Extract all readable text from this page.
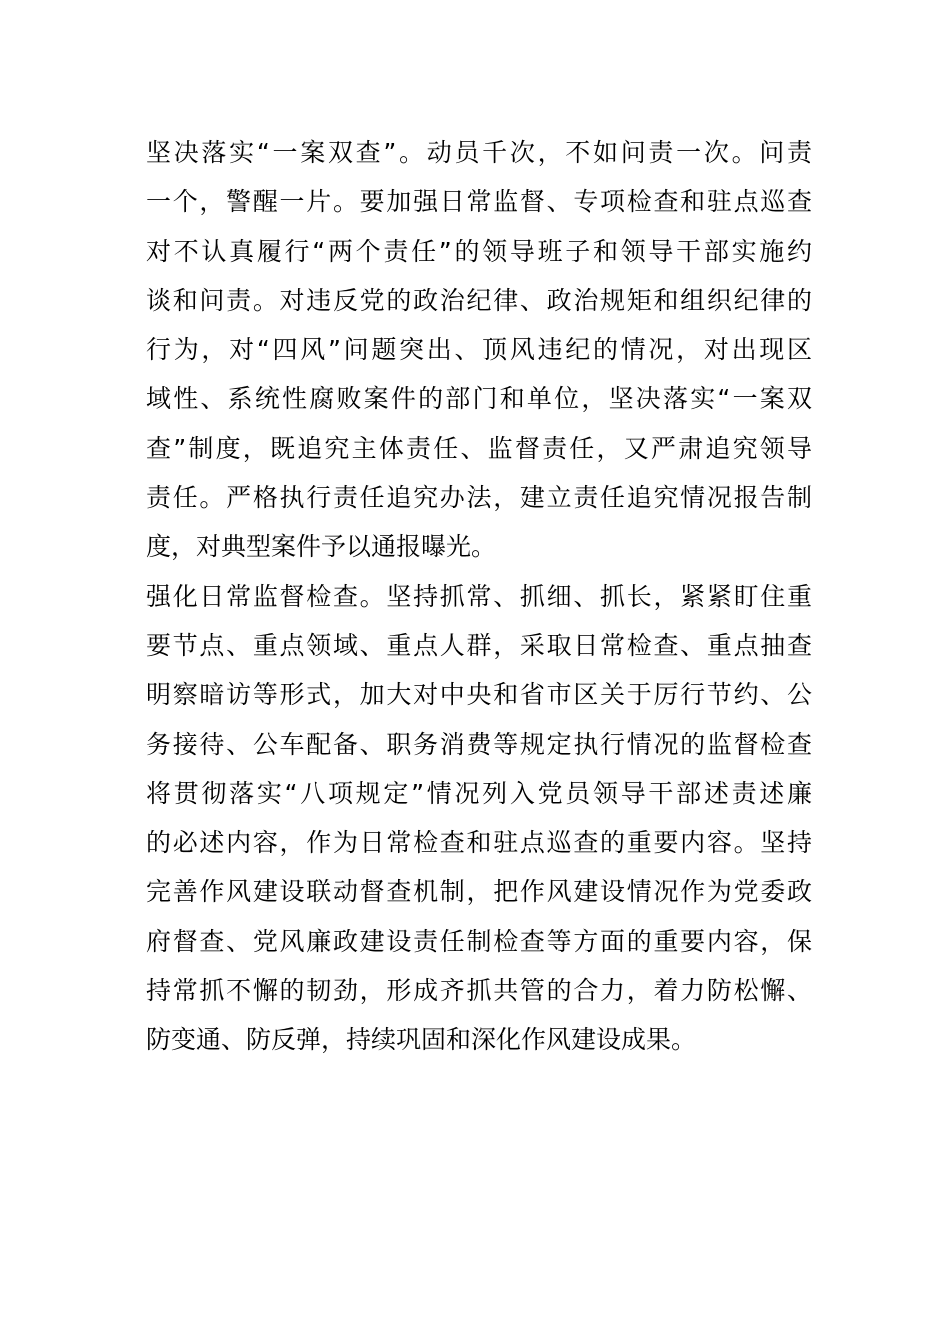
坚决落实“一案双查”。动员千次，不如问责一次。问责
一个，警醒一片。要加强日常监督、专项检查和驻点巡查
对不认真履行“两个责任”的领导班子和领导干部实施约
谈和问责。对违反党的政治纪律、政治规矩和组织纪律的
行为，对“四风”问题突出、顶风违纪的情况，对出现区
域性、系统性腐败案件的部门和单位，坚决落实“一案双
查”制度，既追究主体责任、监督责任，又严肃追究领导
责任。严格执行责任追究办法，建立责任追究情况报告制
度，对典型案件予以通报曝光。
强化日常监督检查。坚持抓常、抓细、抓长，紧紧盯住重
要节点、重点领域、重点人群，采取日常检查、重点抽查
明察暗访等形式，加大对中央和省市区关于厉行节约、公
务接待、公车配备、职务消费等规定执行情况的监督检查
将贯彻落实“八项规定”情况列入党员领导干部述责述廉
的必述内容，作为日常检查和驻点巡查的重要内容。坚持
完善作风建设联动督查机制，把作风建设情况作为党委政
府督查、党风廉政建设责任制检查等方面的重要内容，保
持常抓不懈的韧劲，形成齐抓共管的合力，着力防松懈、
防变通、防反弹，持续巩固和深化作风建设成果。
